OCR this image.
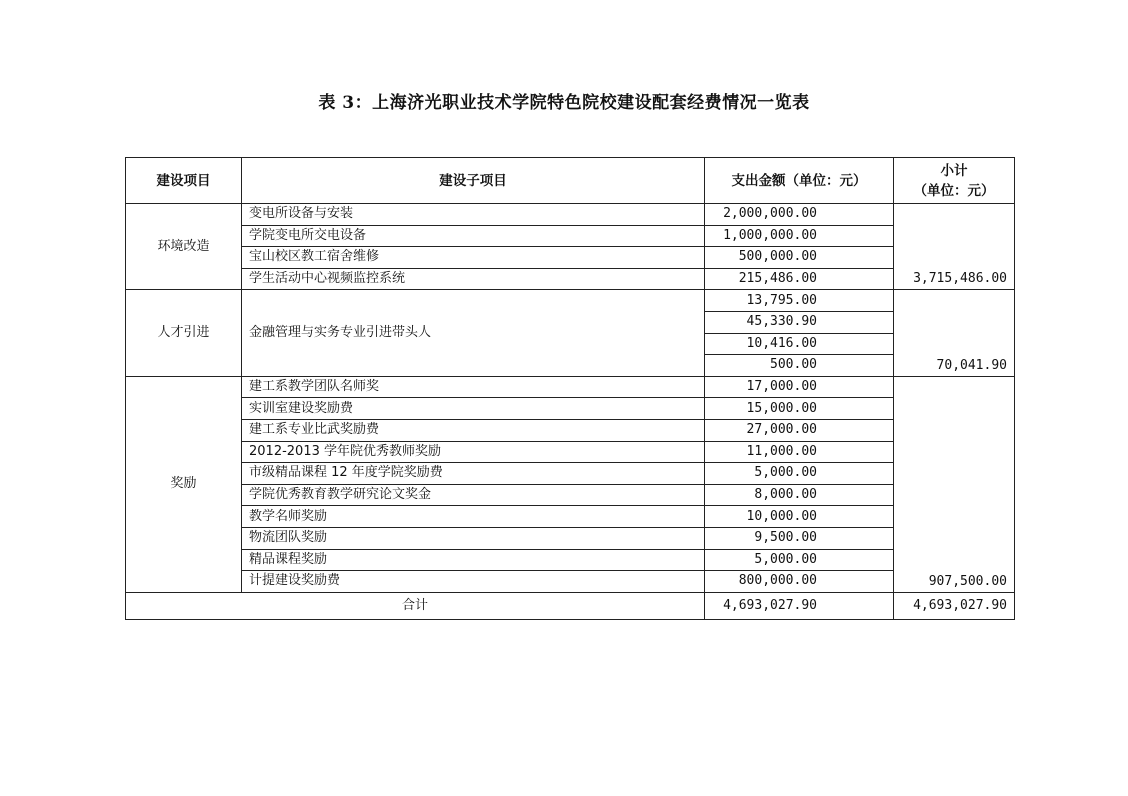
表 3：上海济光职业技术学院特色院校建设配套经费情况一览表
建设项目	建设子项目	支出金额（单位：元）	小计
（单位：元）

环境改造	变电所设备与安装	2,000,000.00	3,715,486.00
	学院变电所交电设备	1,000,000.00	
	宝山校区教工宿舍维修	500,000.00	
	学生活动中心视频监控系统	215,486.00	
人才引进	金融管理与实务专业引进带头人	13,795.00	70,041.90
		45,330.90	
		10,416.00	
		500.00	
奖励	建工系教学团队名师奖	17,000.00	907,500.00
	实训室建设奖励费	15,000.00	
	建工系专业比武奖励费	27,000.00	
	2012-2013 学年院优秀教师奖励	11,000.00	
	市级精品课程 12 年度学院奖励费	5,000.00	
	学院优秀教育教学研究论文奖金	8,000.00	
	教学名师奖励	10,000.00	
	物流团队奖励	9,500.00	
	精品课程奖励	5,000.00	
	计提建设奖励费	800,000.00	
合计		4,693,027.90	4,693,027.90
